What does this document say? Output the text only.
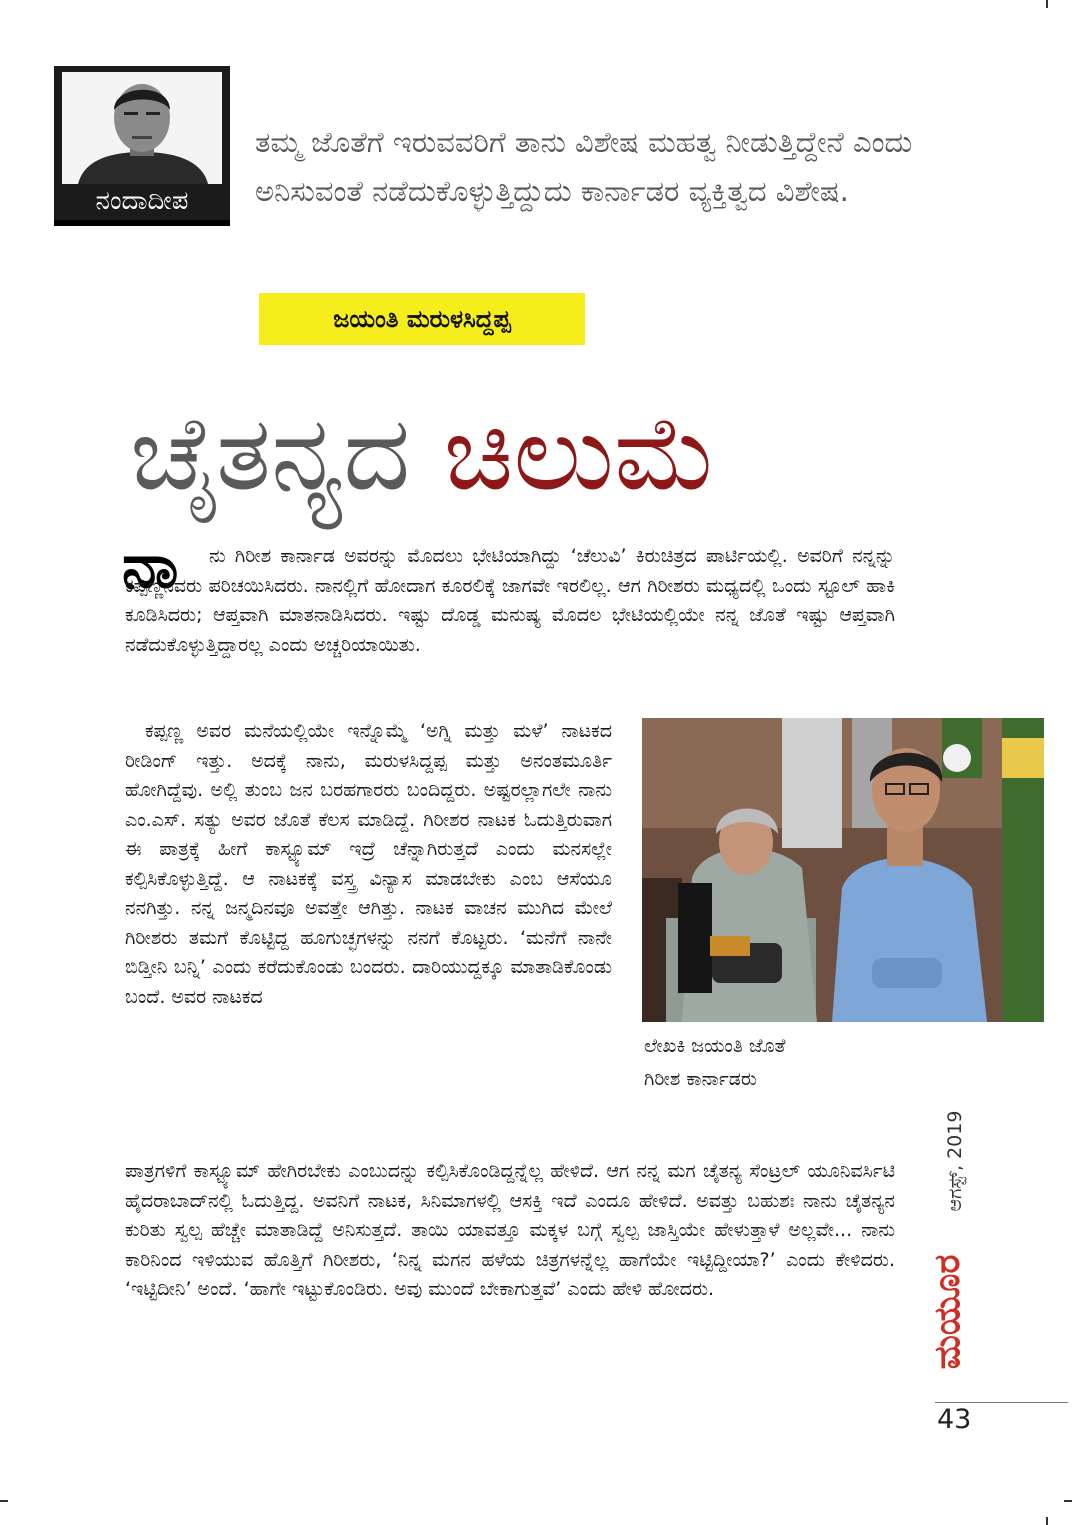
ನಂದಾದೀಪ
ತಮ್ಮ ಜೊತೆಗೆ ಇರುವವರಿಗೆ ತಾನು ವಿಶೇಷ ಮಹತ್ವ ನೀಡುತ್ತಿದ್ದೇನೆ ಎಂದು ಅನಿಸುವಂತೆ ನಡೆದುಕೊಳ್ಳುತ್ತಿದ್ದುದು ಕಾರ್ನಾಡರ ವ್ಯಕ್ತಿತ್ವದ ವಿಶೇಷ.
ಜಯಂತಿ ಮರುಳಸಿದ್ದಪ್ಪ
ಚೈತನ್ಯದ ಚಿಲುಮೆ
ನಾ	ನು ಗಿರೀಶ ಕಾರ್ನಾಡ ಅವರನ್ನು ಮೊದಲು ಭೇಟಿಯಾಗಿದ್ದು ‘ಚೆಲುವಿ’ ಕಿರುಚಿತ್ರದ ಪಾರ್ಟಿಯಲ್ಲಿ. ಅವರಿಗೆ ನನ್ನನ್ನು ಕಪ್ಪಣ್ಣನವರು ಪರಿಚಯಿಸಿದರು. ನಾನಲ್ಲಿಗೆ ಹೋದಾಗ ಕೂರಲಿಕ್ಕೆ ಜಾಗವೇ ಇರಲಿಲ್ಲ. ಆಗ ಗಿರೀಶರು ಮಧ್ಯದಲ್ಲಿ ಒಂದು ಸ್ಟೂಲ್ ಹಾಕಿ ಕೂಡಿಸಿದರು; ಆಪ್ತವಾಗಿ ಮಾತನಾಡಿಸಿದರು. ಇಷ್ಟು ದೊಡ್ಡ ಮನುಷ್ಯ ಮೊದಲ ಭೇಟಿಯಲ್ಲಿಯೇ ನನ್ನ ಜೊತೆ ಇಷ್ಟು ಆಪ್ತವಾಗಿ ನಡೆದುಕೊಳ್ಳುತ್ತಿದ್ದಾರಲ್ಲ ಎಂದು ಅಚ್ಚರಿಯಾಯಿತು.

ಕಪ್ಪಣ್ಣ ಅವರ ಮನೆಯಲ್ಲಿಯೇ ಇನ್ನೊಮ್ಮೆ ‘ಅಗ್ನಿ ಮತ್ತು ಮಳೆ’ ನಾಟಕದ ರೀಡಿಂಗ್ ಇತ್ತು. ಅದಕ್ಕೆ ನಾನು, ಮರುಳಸಿದ್ದಪ್ಪ ಮತ್ತು ಅನಂತಮೂರ್ತಿ ಹೋಗಿದ್ದೆವು. ಅಲ್ಲಿ ತುಂಬ ಜನ ಬರಹಗಾರರು ಬಂದಿದ್ದರು. ಅಷ್ಟರಲ್ಲಾಗಲೇ ನಾನು ಎಂ.ಎಸ್. ಸತ್ಯು ಅವರ ಜೊತೆ ಕೆಲಸ ಮಾಡಿದ್ದೆ. ಗಿರೀಶರ ನಾಟಕ ಓದುತ್ತಿರುವಾಗ ಈ ಪಾತ್ರಕ್ಕೆ ಹೀಗೆ ಕಾಸ್ಟ್ಯೂಮ್ ಇದ್ರೆ ಚೆನ್ನಾಗಿರುತ್ತದೆ ಎಂದು ಮನಸಲ್ಲೇ ಕಲ್ಪಿಸಿಕೊಳ್ಳುತ್ತಿದ್ದೆ. ಆ ನಾಟಕಕ್ಕೆ ವಸ್ತ್ರ ವಿನ್ಯಾಸ ಮಾಡಬೇಕು ಎಂಬ ಆಸೆಯೂ ನನಗಿತ್ತು. ನನ್ನ ಜನ್ಮದಿನವೂ ಅವತ್ತೇ ಆಗಿತ್ತು. ನಾಟಕ ವಾಚನ ಮುಗಿದ ಮೇಲೆ ಗಿರೀಶರು ತಮಗೆ ಕೊಟ್ಟಿದ್ದ ಹೂಗುಚ್ಛಗಳನ್ನು ನನಗೆ ಕೊಟ್ಟರು. ‘ಮನೆಗೆ ನಾನೇ ಬಿಡ್ತೀನಿ ಬನ್ನಿ’ ಎಂದು ಕರೆದುಕೊಂಡು ಬಂದರು. ದಾರಿಯುದ್ದಕ್ಕೂ ಮಾತಾಡಿಕೊಂಡು ಬಂದೆ. ಅವರ ನಾಟಕದ

ಲೇಖಕಿ ಜಯಂತಿ ಜೊತೆ
ಗಿರೀಶ ಕಾರ್ನಾಡರು

ಪಾತ್ರಗಳಿಗೆ ಕಾಸ್ಟ್ಯೂಮ್ ಹೇಗಿರಬೇಕು ಎಂಬುದನ್ನು ಕಲ್ಪಿಸಿಕೊಂಡಿದ್ದನ್ನೆಲ್ಲ ಹೇಳಿದೆ. ಆಗ ನನ್ನ ಮಗ ಚೈತನ್ಯ ಸೆಂಟ್ರಲ್ ಯೂನಿವರ್ಸಿಟಿ ಹೈದರಾಬಾದ್‌ನಲ್ಲಿ ಓದುತ್ತಿದ್ದ. ಅವನಿಗೆ ನಾಟಕ, ಸಿನಿಮಾಗಳಲ್ಲಿ ಆಸಕ್ತಿ ಇದೆ ಎಂದೂ ಹೇಳಿದೆ. ಅವತ್ತು ಬಹುಶಃ ನಾನು ಚೈತನ್ಯನ ಕುರಿತು ಸ್ವಲ್ಪ ಹೆಚ್ಚೇ ಮಾತಾಡಿದ್ದೆ ಅನಿಸುತ್ತದೆ. ತಾಯಿ ಯಾವತ್ತೂ ಮಕ್ಕಳ ಬಗ್ಗೆ ಸ್ವಲ್ಪ ಜಾಸ್ತಿಯೇ ಹೇಳುತ್ತಾಳೆ ಅಲ್ಲವೇ... ನಾನು ಕಾರಿನಿಂದ ಇಳಿಯುವ ಹೊತ್ತಿಗೆ ಗಿರೀಶರು, ‘ನಿನ್ನ ಮಗನ ಹಳೆಯ ಚಿತ್ರಗಳನ್ನೆಲ್ಲ ಹಾಗೆಯೇ ಇಟ್ಟಿದ್ದೀಯಾ?’ ಎಂದು ಕೇಳಿದರು. ‘ಇಟ್ಟಿದೀನಿ’ ಅಂದೆ. ‘ಹಾಗೇ ಇಟ್ಟುಕೊಂಡಿರು. ಅವು ಮುಂದೆ ಬೇಕಾಗುತ್ತವೆ’ ಎಂದು ಹೇಳಿ ಹೋದರು.

ಆಗಸ್ಟ್, 2019
ಮಯೂರ
43
